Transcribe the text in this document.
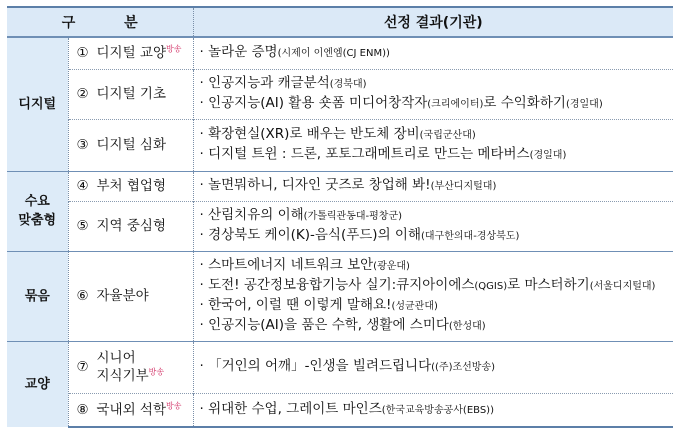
구 분		선정 결과(기관)
디지털	① 디지털 교양$^{방송}$	· 놀라운 증명(시제이 이엔엠(CJ ENM))

	② 디지털 기초	· 인공지능과 캐글분석(경북대)
· 인공지능(AI) 활용 숏폼 미디어창작자(크리에이터)로 수익화하기(경일대)

	③ 디지털 심화	· 확장현실(XR)로 배우는 반도체 장비(국립군산대)
· 디지털 트윈 : 드론, 포토그래메트리로 만드는 메타버스(경일대)

수요
맞춤형	④ 부처 협업형	· 놀면뭐하니, 디자인 굿즈로 창업해 봐!(부산디지털대)

	⑤ 지역 중심형	· 산림치유의 이해(가톨릭관동대-평창군)
· 경상북도 케이(K)-음식(푸드)의 이해(대구한의대-경상북도)

묶음	⑥ 자율분야	· 스마트에너지 네트워크 보안(광운대)
· 도전! 공간정보융합기능사 실기:큐지아이에스(QGIS)로 마스터하기(서울디지털대)
· 한국어, 이럴 땐 이렇게 말해요!(성균관대)
· 인공지능(AI)을 품은 수학, 생활에 스미다(한성대)

교양	⑦
시니어
지식기부$^{방송}$	· 「거인의 어깨」-인생을 빌려드립니다((주)조선방송)

	⑧ 국내외 석학$^{방송}$	· 위대한 수업, 그레이트 마인즈(한국교육방송공사(EBS))
